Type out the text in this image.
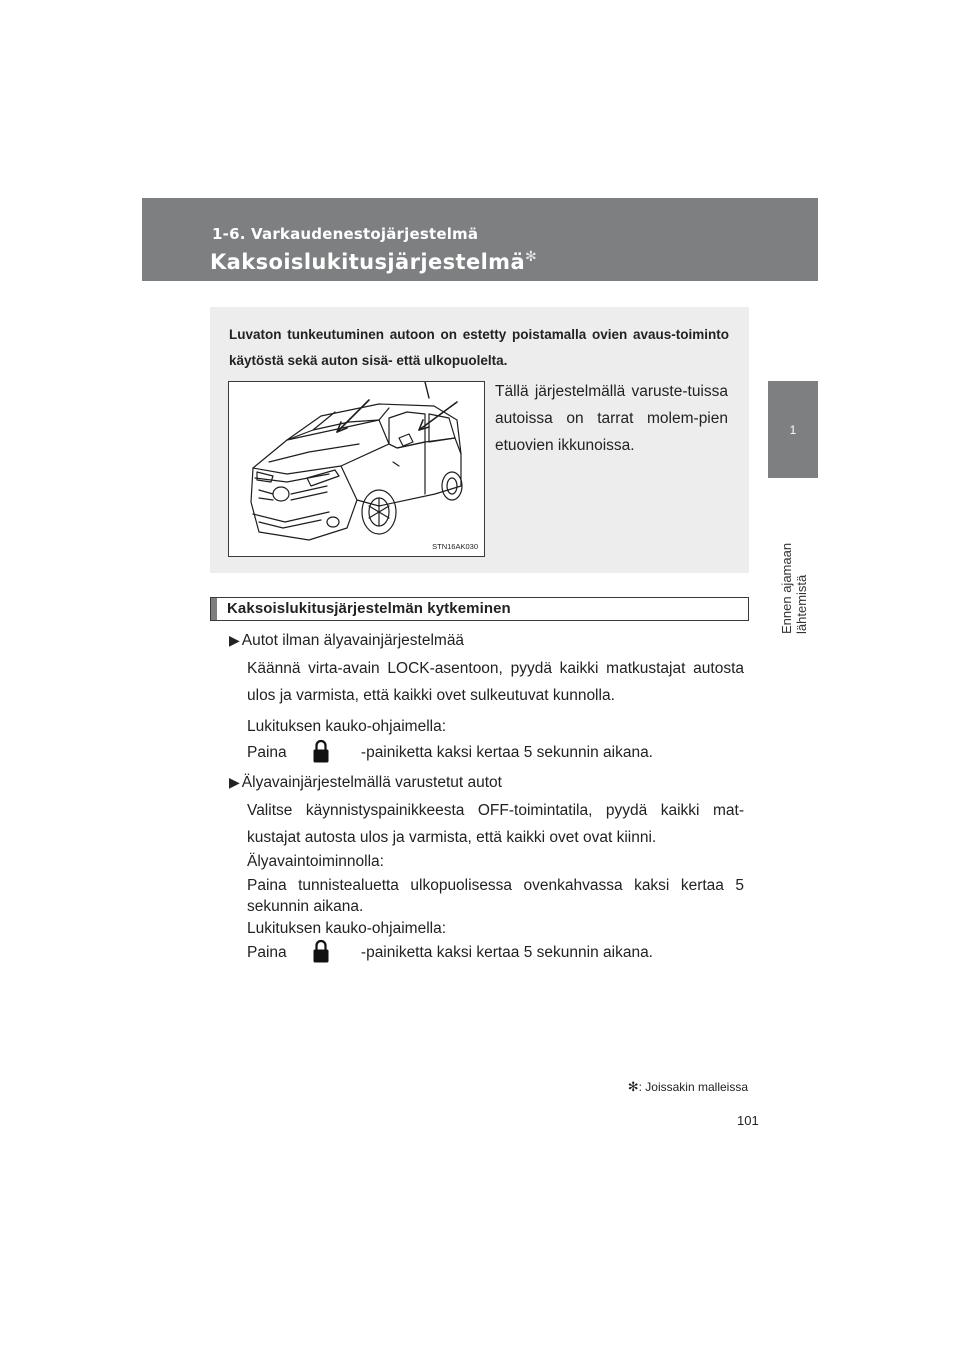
1-6. Varkaudenestojärjestelmä
Kaksoislukitusjärjestelmä✻
1
Ennen ajamaan lähtemistä
Luvaton tunkeutuminen autoon on estetty poistamalla ovien avaus-toiminto käytöstä sekä auton sisä- että ulkopuolelta.
Tällä järjestelmällä varuste-tuissa autoissa on tarrat molem-pien etuovien ikkunoissa.
STN16AK030
Kaksoislukitusjärjestelmän kytkeminen
▶ Autot ilman älyavainjärjestelmää
Käännä virta-avain LOCK-asentoon, pyydä kaikki matkustajat autosta ulos ja varmista, että kaikki ovet sulkeutuvat kunnolla.
Lukituksen kauko-ohjaimella:
Paina	-painiketta kaksi kertaa 5 sekunnin aikana.
▶ Älyavainjärjestelmällä varustetut autot
Valitse käynnistyspainikkeesta OFF-toimintatila, pyydä kaikki mat-kustajat autosta ulos ja varmista, että kaikki ovet ovat kiinni.
Älyavaintoiminnolla:
Paina tunnistealuetta ulkopuolisessa ovenkahvassa kaksi kertaa 5 sekunnin aikana.
Lukituksen kauko-ohjaimella:
Paina	-painiketta kaksi kertaa 5 sekunnin aikana.
✻: Joissakin malleissa
101
